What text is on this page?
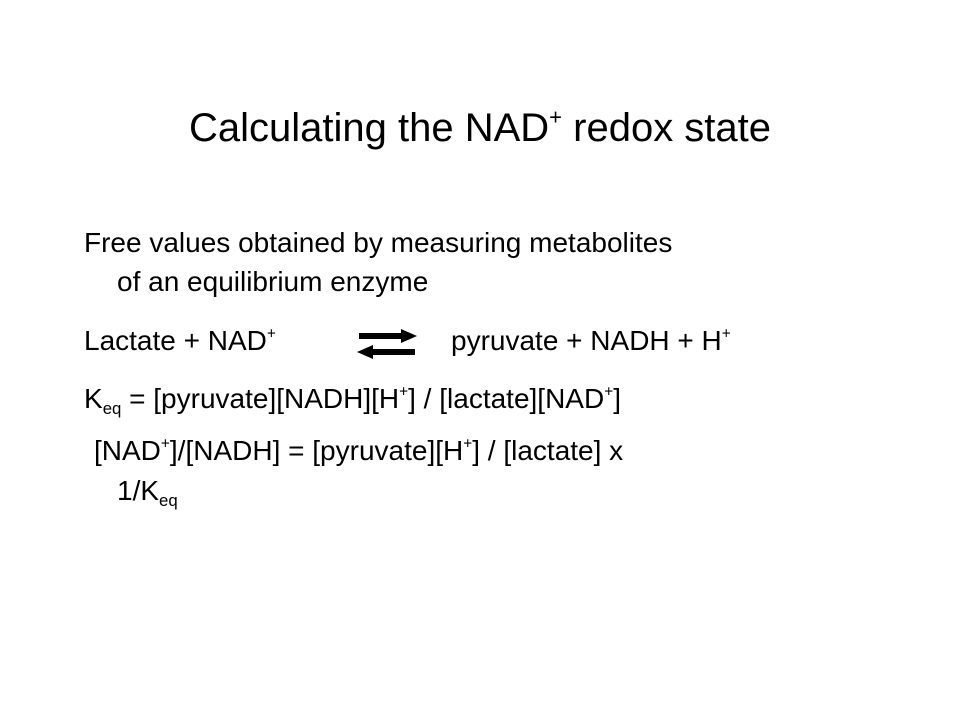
Calculating the NAD+ redox state
Free values obtained by measuring metabolites
of an equilibrium enzyme
Lactate + NAD+	pyruvate + NADH + H+
$K_{eq}$ = [pyruvate][NADH][H+] / [lactate][NAD+]
[NAD+]/[NADH] = [pyruvate][H+] / [lactate] x
$1/K_{eq}$
